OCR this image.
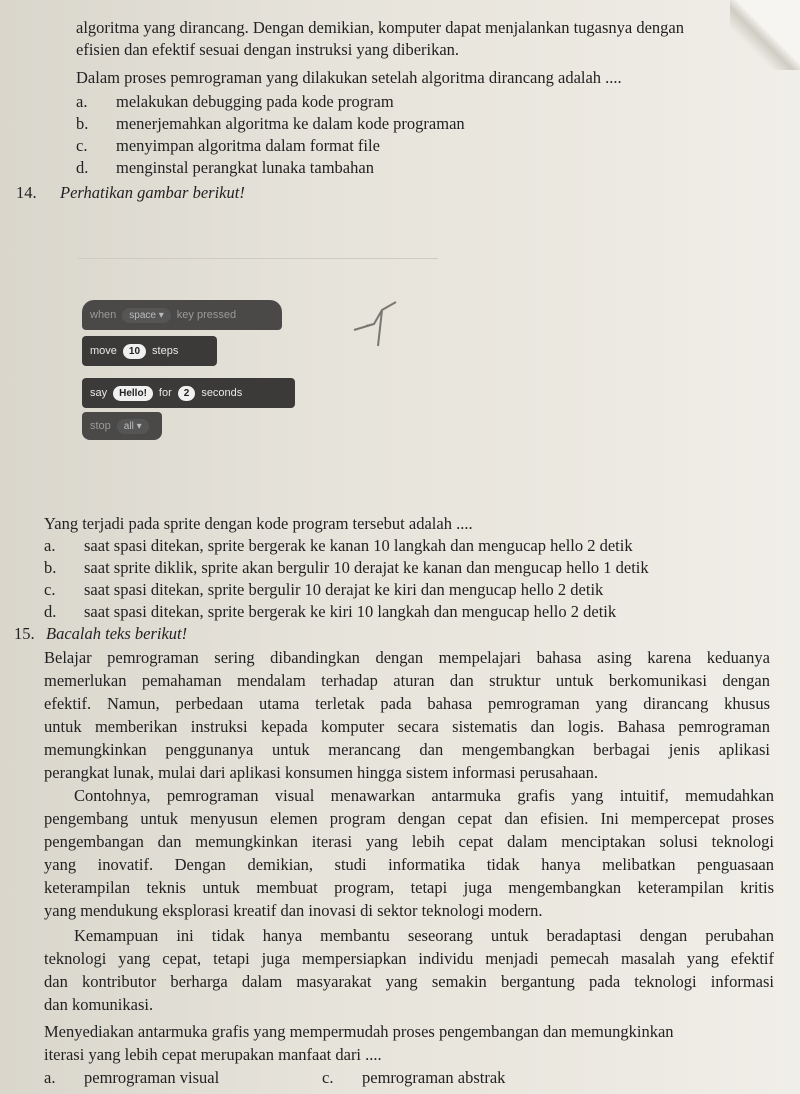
algoritma yang dirancang. Dengan demikian, komputer dapat menjalankan tugasnya dengan
efisien dan efektif sesuai dengan instruksi yang diberikan.
Dalam proses pemrograman yang dilakukan setelah algoritma dirancang adalah ....
a. melakukan debugging pada kode program
b. menerjemahkan algoritma ke dalam kode programan
c. menyimpan algoritma dalam format file
d. menginstal perangkat lunaka tambahan
14. Perhatikan gambar berikut!
when	space ▾	key pressed
move	10	steps
say	Hello!	for	2	seconds
stop	all ▾
Yang terjadi pada sprite dengan kode program tersebut adalah ....
a. saat spasi ditekan, sprite bergerak ke kanan 10 langkah dan mengucap hello 2 detik
b. saat sprite diklik, sprite akan bergulir 10 derajat ke kanan dan mengucap hello 1 detik
c. saat spasi ditekan, sprite bergulir 10 derajat ke kiri dan mengucap hello 2 detik
d. saat spasi ditekan, sprite bergerak ke kiri 10 langkah dan mengucap hello 2 detik
15. Bacalah teks berikut!
Belajar pemrograman sering dibandingkan dengan mempelajari bahasa asing karena keduanya
memerlukan pemahaman mendalam terhadap aturan dan struktur untuk berkomunikasi dengan
efektif. Namun, perbedaan utama terletak pada bahasa pemrograman yang dirancang khusus
untuk memberikan instruksi kepada komputer secara sistematis dan logis. Bahasa pemrograman
memungkinkan penggunanya untuk merancang dan mengembangkan berbagai jenis aplikasi
perangkat lunak, mulai dari aplikasi konsumen hingga sistem informasi perusahaan.
Contohnya, pemrograman visual menawarkan antarmuka grafis yang intuitif, memudahkan
pengembang untuk menyusun elemen program dengan cepat dan efisien. Ini mempercepat proses
pengembangan dan memungkinkan iterasi yang lebih cepat dalam menciptakan solusi teknologi
yang inovatif. Dengan demikian, studi informatika tidak hanya melibatkan penguasaan
keterampilan teknis untuk membuat program, tetapi juga mengembangkan keterampilan kritis
yang mendukung eksplorasi kreatif dan inovasi di sektor teknologi modern.
Kemampuan ini tidak hanya membantu seseorang untuk beradaptasi dengan perubahan
teknologi yang cepat, tetapi juga mempersiapkan individu menjadi pemecah masalah yang efektif
dan kontributor berharga dalam masyarakat yang semakin bergantung pada teknologi informasi
dan komunikasi.
Menyediakan antarmuka grafis yang mempermudah proses pengembangan dan memungkinkan
iterasi yang lebih cepat merupakan manfaat dari ....
a. pemrograman visual	c. pemrograman abstrak
